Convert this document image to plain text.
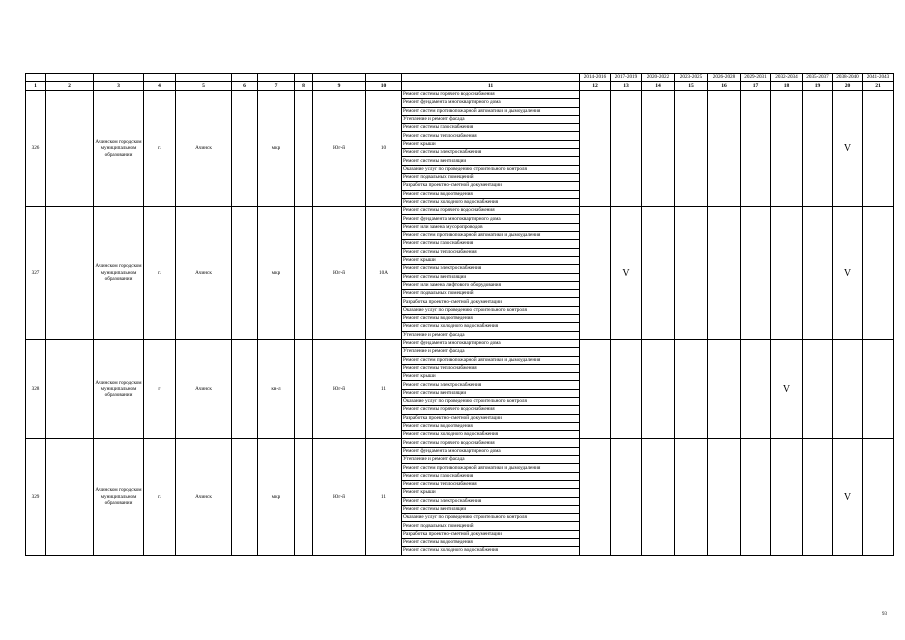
											2014-2016	2017-2019	2020-2022	2023-2025	2026-2028	2029-2031	2032-2034	2035-2037	2038-2040	2041-2043
1	2	3	4	5	6	7	8	9	10	11	12	13	14	15	16	17	18	19	20	21
326		Ачинском городском муниципальном образовании	г.	Ачинск		мкр		Юг-й	10	Ремонт системы горячего водоснабжения									V	
										Ремонт фундамента многоквартирного дома										
										Ремонт систем противопожарной автоматики и дымоудаления										
										Утепление и ремонт фасада										
										Ремонт системы газоснабжения										
										Ремонт системы теплоснабжения										
										Ремонт крыши										
										Ремонт системы электроснабжения										
										Ремонт системы вентиляции										
										Оказание услуг по проведению строительного контроля										
										Ремонт подвальных помещений										
										Разработка проектно-сметной документации										
										Ремонт системы водоотведения										
										Ремонт системы холодного водоснабжения										
327		Ачинском городском муниципальном образовании	г.	Ачинск		мкр		Юг-й	10А	Ремонт системы горячего водоснабжения		V							V	
										Ремонт фундамента многоквартирного дома										
										Ремонт или замена мусоропроводов										
										Ремонт систем противопожарной автоматики и дымоудаления										
										Ремонт системы газоснабжения										
										Ремонт системы теплоснабжения										
										Ремонт крыши										
										Ремонт системы электроснабжения										
										Ремонт системы вентиляции										
										Ремонт или замена лифтового оборудования										
										Ремонт подвальных помещений										
										Разработка проектно-сметной документации										
										Оказание услуг по проведению строительного контроля										
										Ремонт системы водоотведения										
										Ремонт системы холодного водоснабжения										
										Утепление и ремонт фасада										
328		Ачинском городском муниципальном образовании	г	Ачинск		кв-л		Юг-й	11	Ремонт фундамента многоквартирного дома							V			
										Утепление и ремонт фасада										
										Ремонт систем противопожарной автоматики и дымоудаления										
										Ремонт системы теплоснабжения										
										Ремонт крыши										
										Ремонт системы электроснабжения										
										Ремонт системы вентиляции										
										Оказание услуг по проведению строительного контроля										
										Ремонт системы горячего водоснабжения										
										Разработка проектно-сметной документации										
										Ремонт системы водоотведения										
										Ремонт системы холодного водоснабжения										
329		Ачинском городском муниципальном образовании	г.	Ачинск		мкр		Юг-й	11	Ремонт системы горячего водоснабжения									V	
										Ремонт фундамента многоквартирного дома										
										Утепление и ремонт фасада										
										Ремонт систем противопожарной автоматики и дымоудаления										
										Ремонт системы газоснабжения										
										Ремонт системы теплоснабжения										
										Ремонт крыши										
										Ремонт системы электроснабжения										
										Ремонт системы вентиляции										
										Оказание услуг по проведению строительного контроля										
										Ремонт подвальных помещений										
										Разработка проектно-сметной документации										
										Ремонт системы водоотведения										
										Ремонт системы холодного водоснабжения										
93
